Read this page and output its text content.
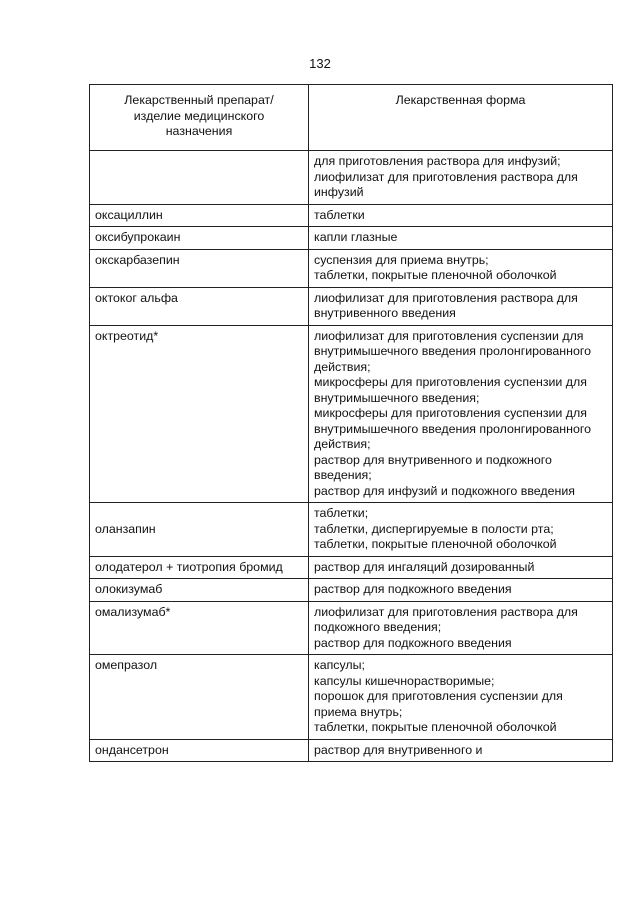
132
Лекарственный препарат/
изделие медицинского
назначения	Лекарственная форма
	для приготовления раствора для инфузий;
лиофилизат для приготовления раствора для инфузий
оксациллин	таблетки
оксибупрокаин	капли глазные
окскарбазепин	суспензия для приема внутрь;
таблетки, покрытые пленочной оболочкой
октоког альфа	лиофилизат для приготовления раствора для внутривенного введения
октреотид*	лиофилизат для приготовления суспензии для внутримышечного введения пролонгированного действия;
микросферы для приготовления суспензии для внутримышечного введения;
микросферы для приготовления суспензии для внутримышечного введения пролонгированного действия;
раствор для внутривенного и подкожного введения;
раствор для инфузий и подкожного введения
оланзапин	таблетки;
таблетки, диспергируемые в полости рта;
таблетки, покрытые пленочной оболочкой
олодатерол + тиотропия бромид	раствор для ингаляций дозированный
олокизумаб	раствор для подкожного введения
омализумаб*	лиофилизат для приготовления раствора для подкожного введения;
раствор для подкожного введения
омепразол	капсулы;
капсулы кишечнорастворимые;
порошок для приготовления суспензии для приема внутрь;
таблетки, покрытые пленочной оболочкой
ондансетрон	раствор для внутривенного и
